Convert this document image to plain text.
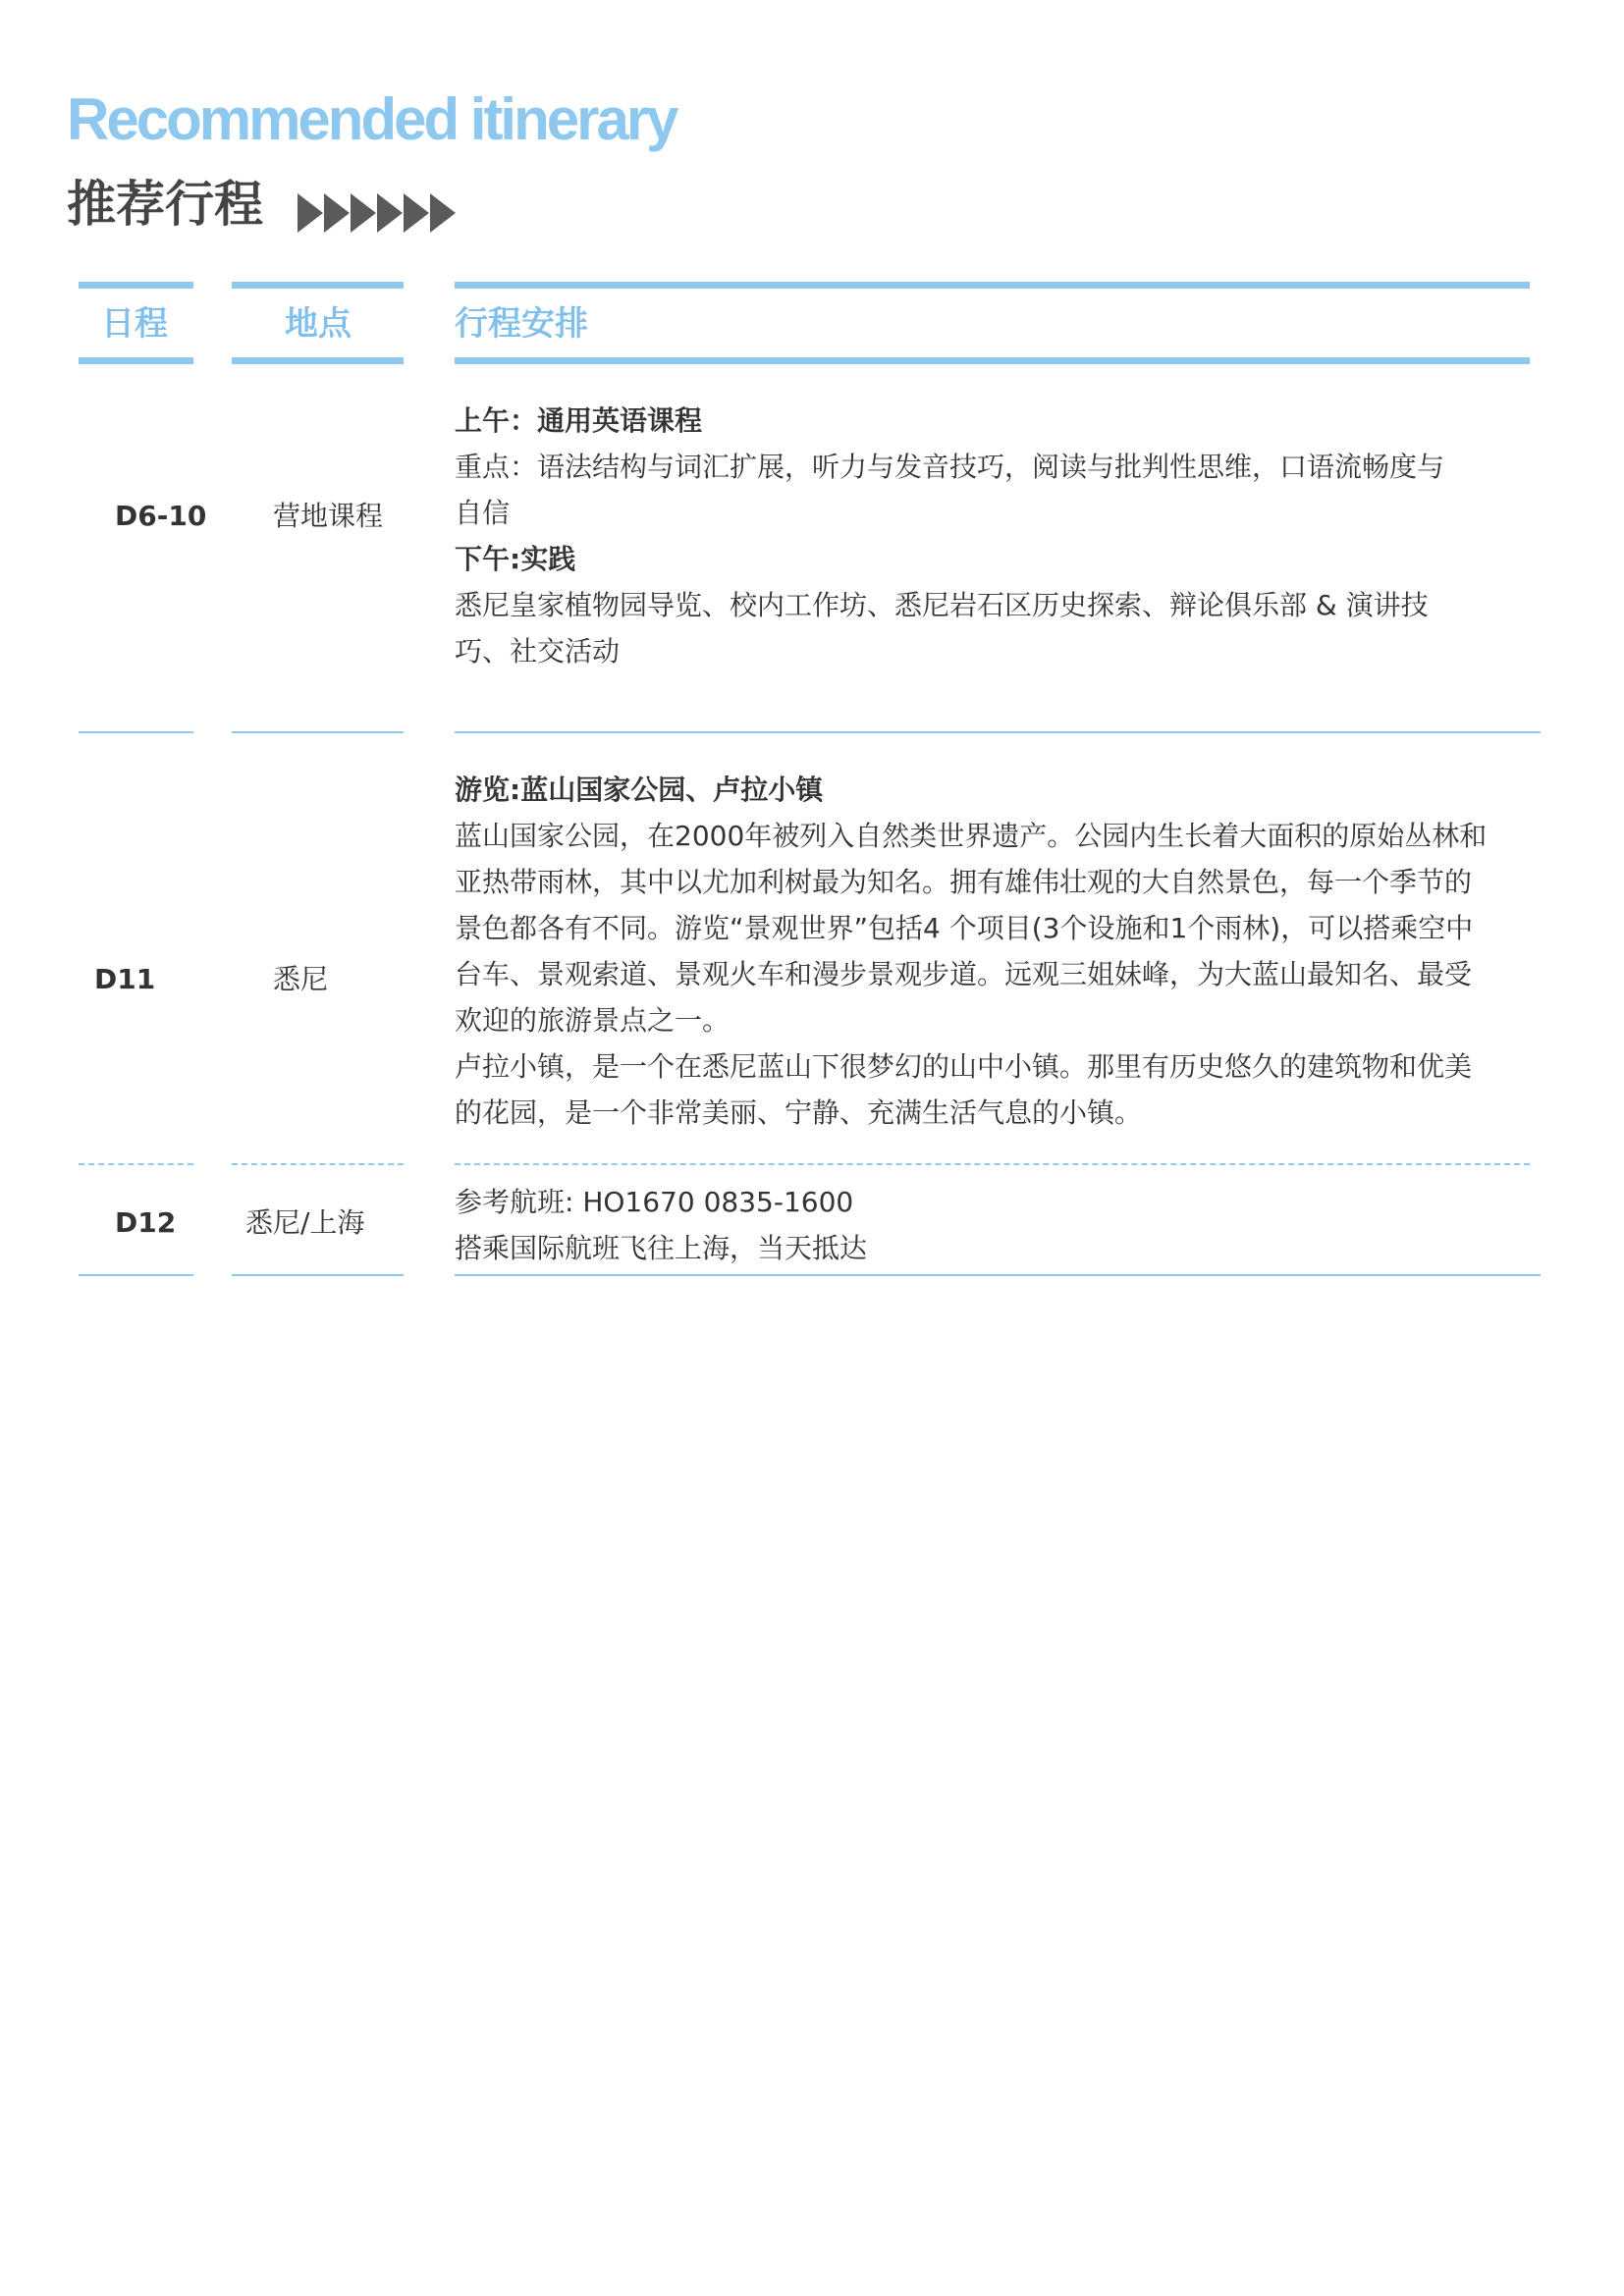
Recommended itinerary
推荐行程
日程	地点	行程安排
D6-10 营地课程
上午：通用英语课程
重点：语法结构与词汇扩展，听力与发音技巧，阅读与批判性思维，口语流畅度与
自信
下午:实践
悉尼皇家植物园导览、校内工作坊、悉尼岩石区历史探索、辩论俱乐部 & 演讲技
巧、社交活动
D11	悉尼
游览:蓝山国家公园、卢拉小镇
蓝山国家公园，在2000年被列入自然类世界遗产。公园内生长着大面积的原始丛林和
亚热带雨林，其中以尤加利树最为知名。拥有雄伟壮观的大自然景色，每一个季节的
景色都各有不同。游览“景观世界”包括4 个项目(3个设施和1个雨林)，可以搭乘空中
台车、景观索道、景观火车和漫步景观步道。远观三姐妹峰，为大蓝山最知名、最受
欢迎的旅游景点之一。
卢拉小镇，是一个在悉尼蓝山下很梦幻的山中小镇。那里有历史悠久的建筑物和优美
的花园，是一个非常美丽、宁静、充满生活气息的小镇。
D12	悉尼/上海
参考航班: HO1670 0835-1600
搭乘国际航班飞往上海，当天抵达
